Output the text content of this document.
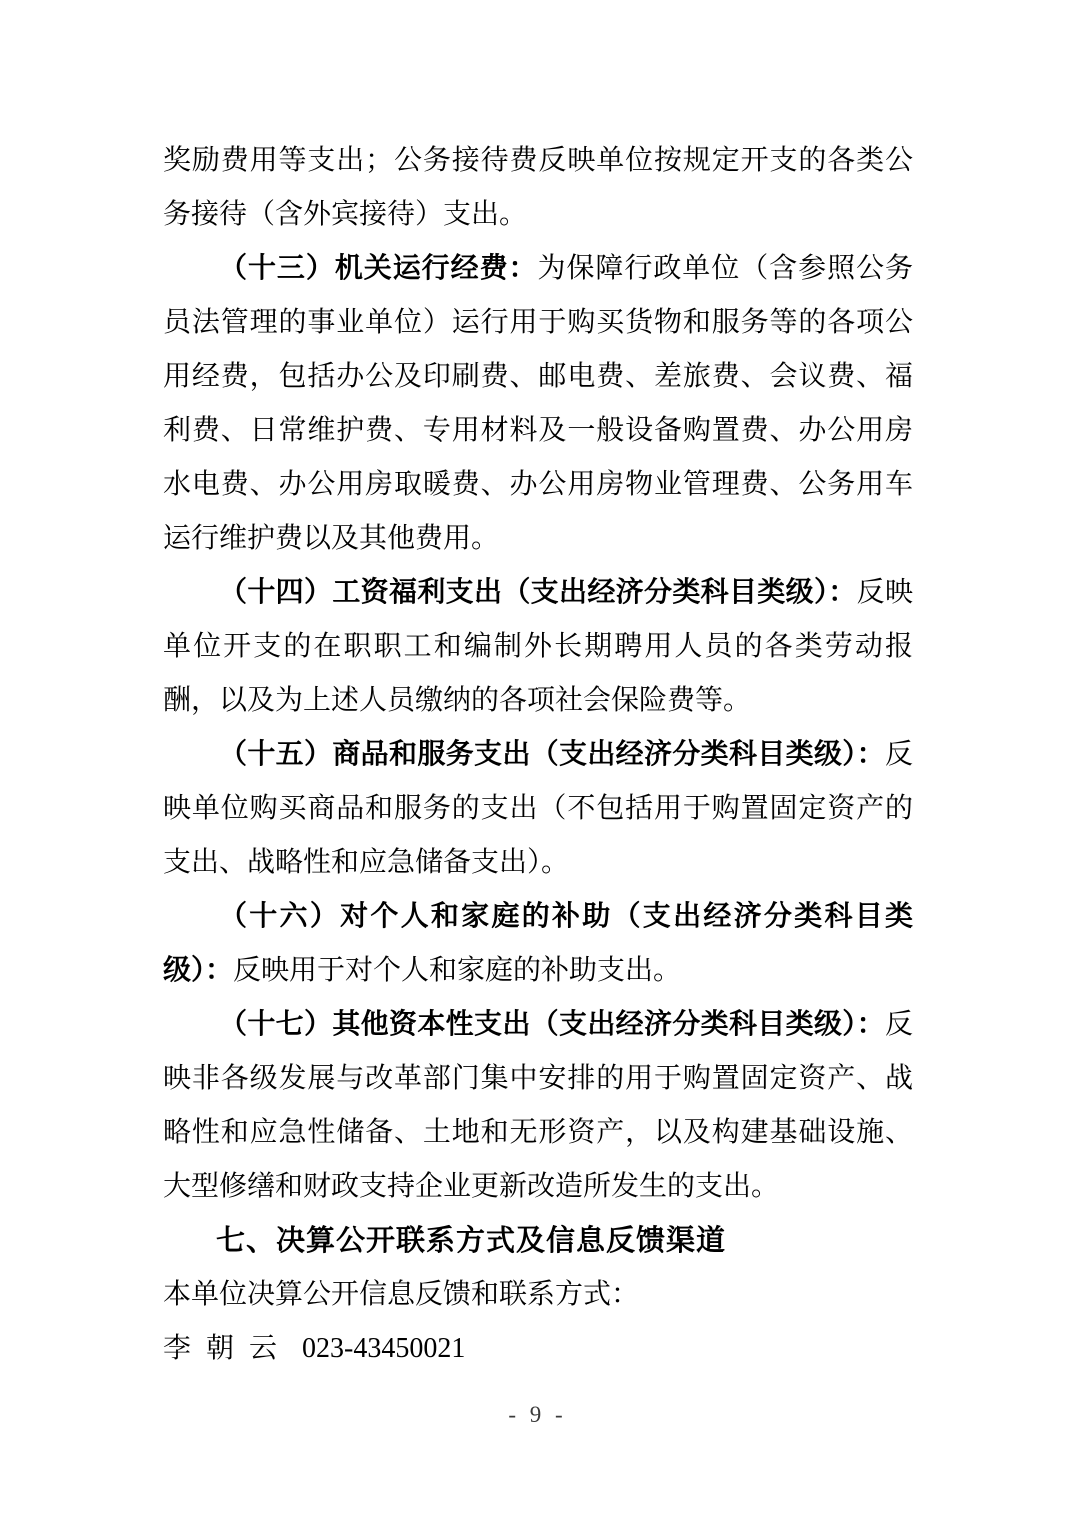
奖励费用等支出；公务接待费反映单位按规定开支的各类公务接待（含外宾接待）支出。

（十三）机关运行经费：为保障行政单位（含参照公务员法管理的事业单位）运行用于购买货物和服务等的各项公用经费，包括办公及印刷费、邮电费、差旅费、会议费、福利费、日常维护费、专用材料及一般设备购置费、办公用房水电费、办公用房取暖费、办公用房物业管理费、公务用车运行维护费以及其他费用。

（十四）工资福利支出（支出经济分类科目类级）：反映单位开支的在职职工和编制外长期聘用人员的各类劳动报酬，以及为上述人员缴纳的各项社会保险费等。

（十五）商品和服务支出（支出经济分类科目类级）：反映单位购买商品和服务的支出（不包括用于购置固定资产的支出、战略性和应急储备支出）。

（十六）对个人和家庭的补助（支出经济分类科目类级）：反映用于对个人和家庭的补助支出。

（十七）其他资本性支出（支出经济分类科目类级）：反映非各级发展与改革部门集中安排的用于购置固定资产、战略性和应急性储备、土地和无形资产，以及构建基础设施、大型修缮和财政支持企业更新改造所发生的支出。

七、决算公开联系方式及信息反馈渠道

本单位决算公开信息反馈和联系方式：

李朝云 023-43450021

- 9 -
